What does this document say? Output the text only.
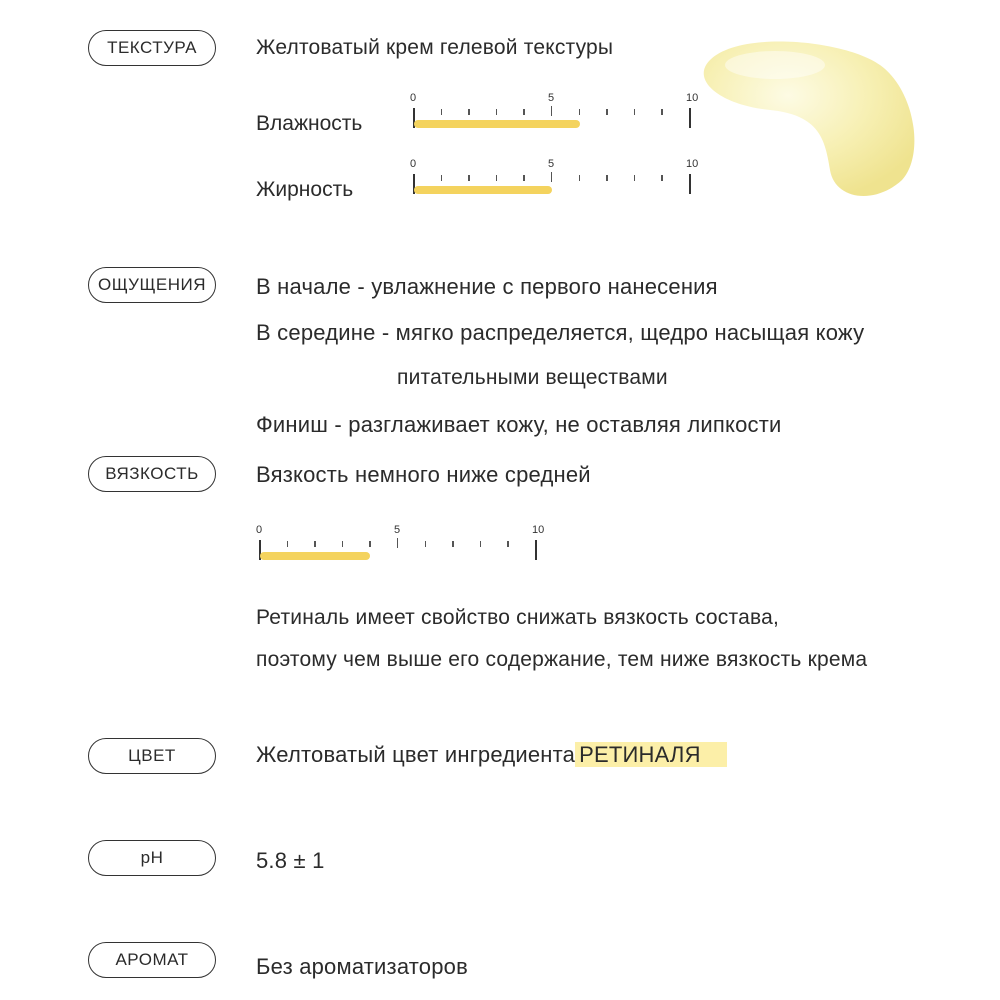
ТЕКСТУРА	Желтоватый крем гелевой текстуры
Влажность
0	5	10
Жирность
0	5	10
ОЩУЩЕНИЯ В начале - увлажнение с первого нанесения
В середине - мягко распределяется, щедро насыщая кожу
питательными веществами
Финиш - разглаживает кожу, не оставляя липкости
ВЯЗКОСТЬ	Вязкость немного ниже средней
0	5	10
Ретиналь имеет свойство снижать вязкость состава,
поэтому чем выше его содержание, тем ниже вязкость крема
ЦВЕТ	Желтоватый цвет ингредиента РЕТИНАЛЯ
pH	5.8 ± 1
АРОМАТ	Без ароматизаторов
